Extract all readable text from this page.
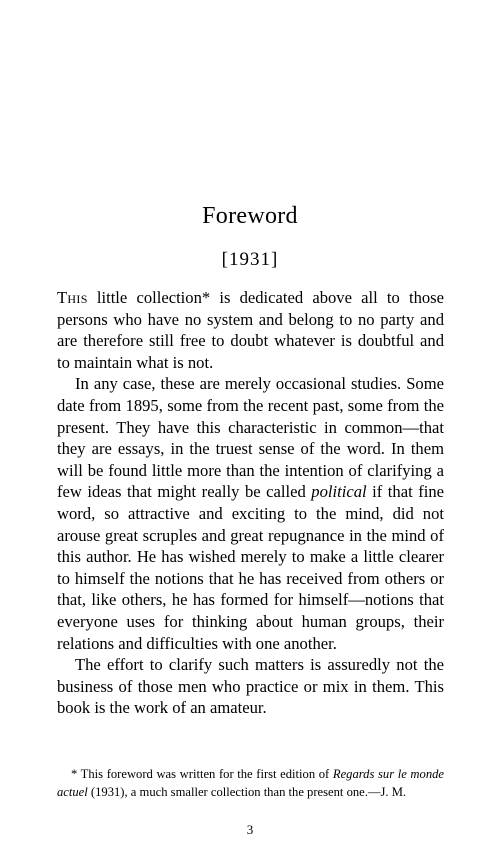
Foreword
[1931]

This little collection* is dedicated above all to those persons who have no system and belong to no party and are therefore still free to doubt whatever is doubtful and to maintain what is not.

In any case, these are merely occasional studies. Some date from 1895, some from the recent past, some from the present. They have this characteristic in common—that they are essays, in the truest sense of the word. In them will be found little more than the intention of clarifying a few ideas that might really be called political if that fine word, so attractive and exciting to the mind, did not arouse great scruples and great repugnance in the mind of this author. He has wished merely to make a little clearer to himself the notions that he has received from others or that, like others, he has formed for himself—notions that everyone uses for thinking about human groups, their relations and difficulties with one another.

The effort to clarify such matters is assuredly not the business of those men who practice or mix in them. This book is the work of an amateur.

* This foreword was written for the first edition of Regards sur le monde actuel (1931), a much smaller collection than the present one.—J. M.
3
